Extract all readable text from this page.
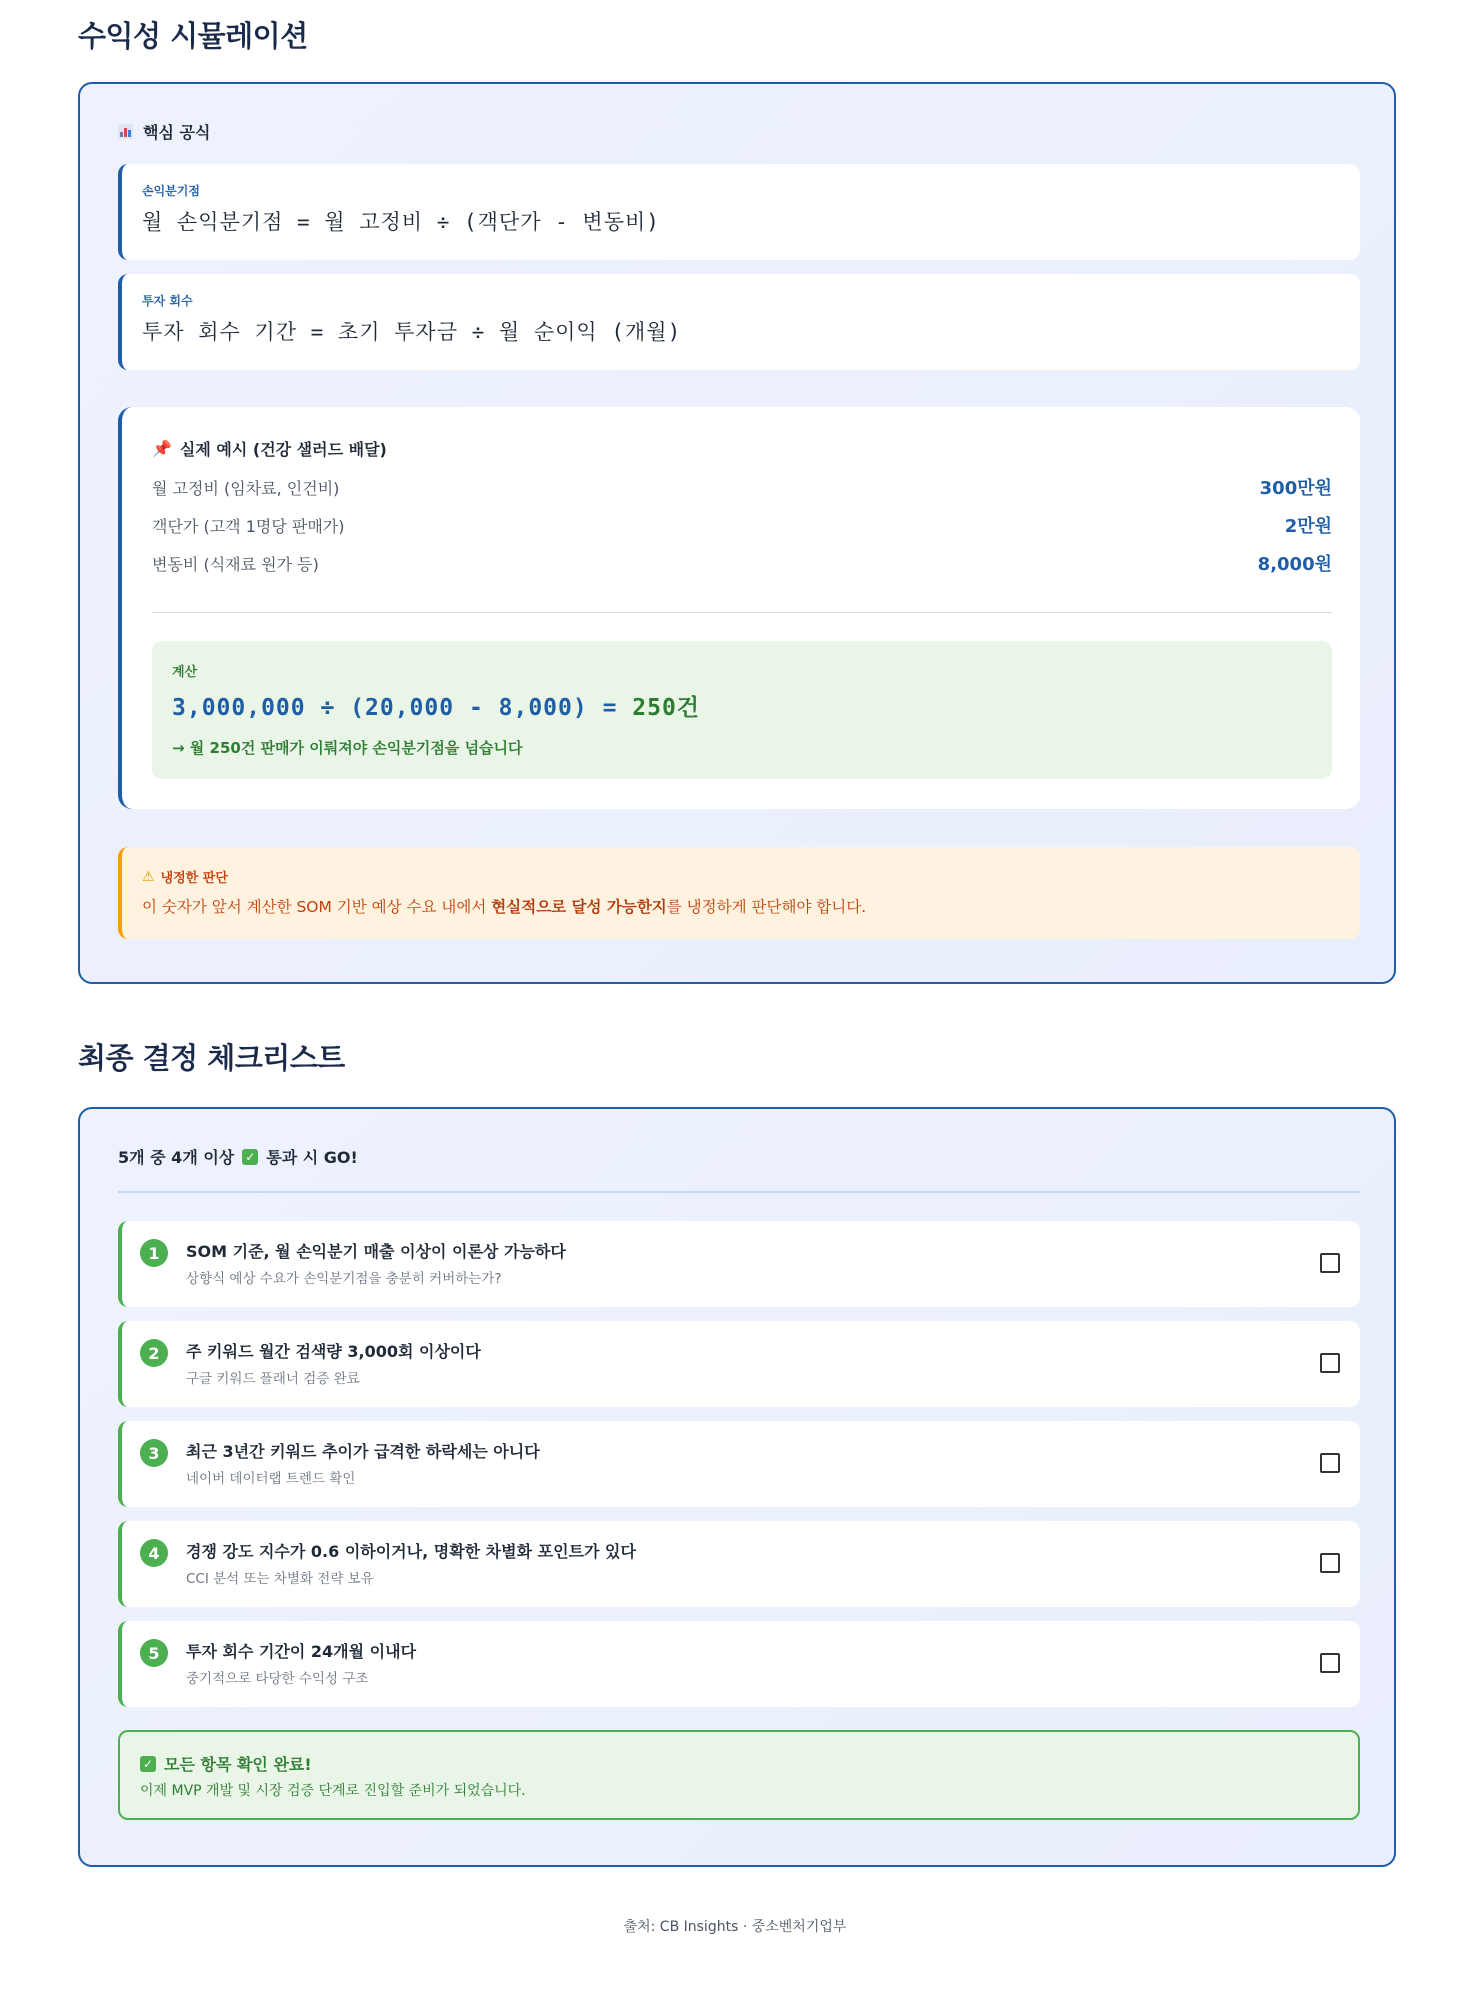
수익성 시뮬레이션
핵심 공식
손익분기점
월 손익분기점 = 월 고정비 ÷ (객단가 - 변동비)
투자 회수
투자 회수 기간 = 초기 투자금 ÷ 월 순이익 (개월)
📌 실제 예시 (건강 샐러드 배달)
월 고정비 (임차료, 인건비)	300만원
객단가 (고객 1명당 판매가)	2만원
변동비 (식재료 원가 등)	8,000원
계산
3,000,000 ÷ (20,000 - 8,000) = 250건
→ 월 250건 판매가 이뤄져야 손익분기점을 넘습니다
⚠ 냉정한 판단
이 숫자가 앞서 계산한 SOM 기반 예상 수요 내에서 현실적으로 달성 가능한지를 냉정하게 판단해야 합니다.
최종 결정 체크리스트
5개 중 4개 이상 ✓ 통과 시 GO!
1	SOM 기준, 월 손익분기 매출 이상이 이론상 가능하다
상향식 예상 수요가 손익분기점을 충분히 커버하는가?
2	주 키워드 월간 검색량 3,000회 이상이다
구글 키워드 플래너 검증 완료
3	최근 3년간 키워드 추이가 급격한 하락세는 아니다
네이버 데이터랩 트렌드 확인
4	경쟁 강도 지수가 0.6 이하이거나, 명확한 차별화 포인트가 있다
CCI 분석 또는 차별화 전략 보유
5	투자 회수 기간이 24개월 이내다
중기적으로 타당한 수익성 구조
✓ 모든 항목 확인 완료!
이제 MVP 개발 및 시장 검증 단계로 진입할 준비가 되었습니다.
출처: CB Insights · 중소벤처기업부
